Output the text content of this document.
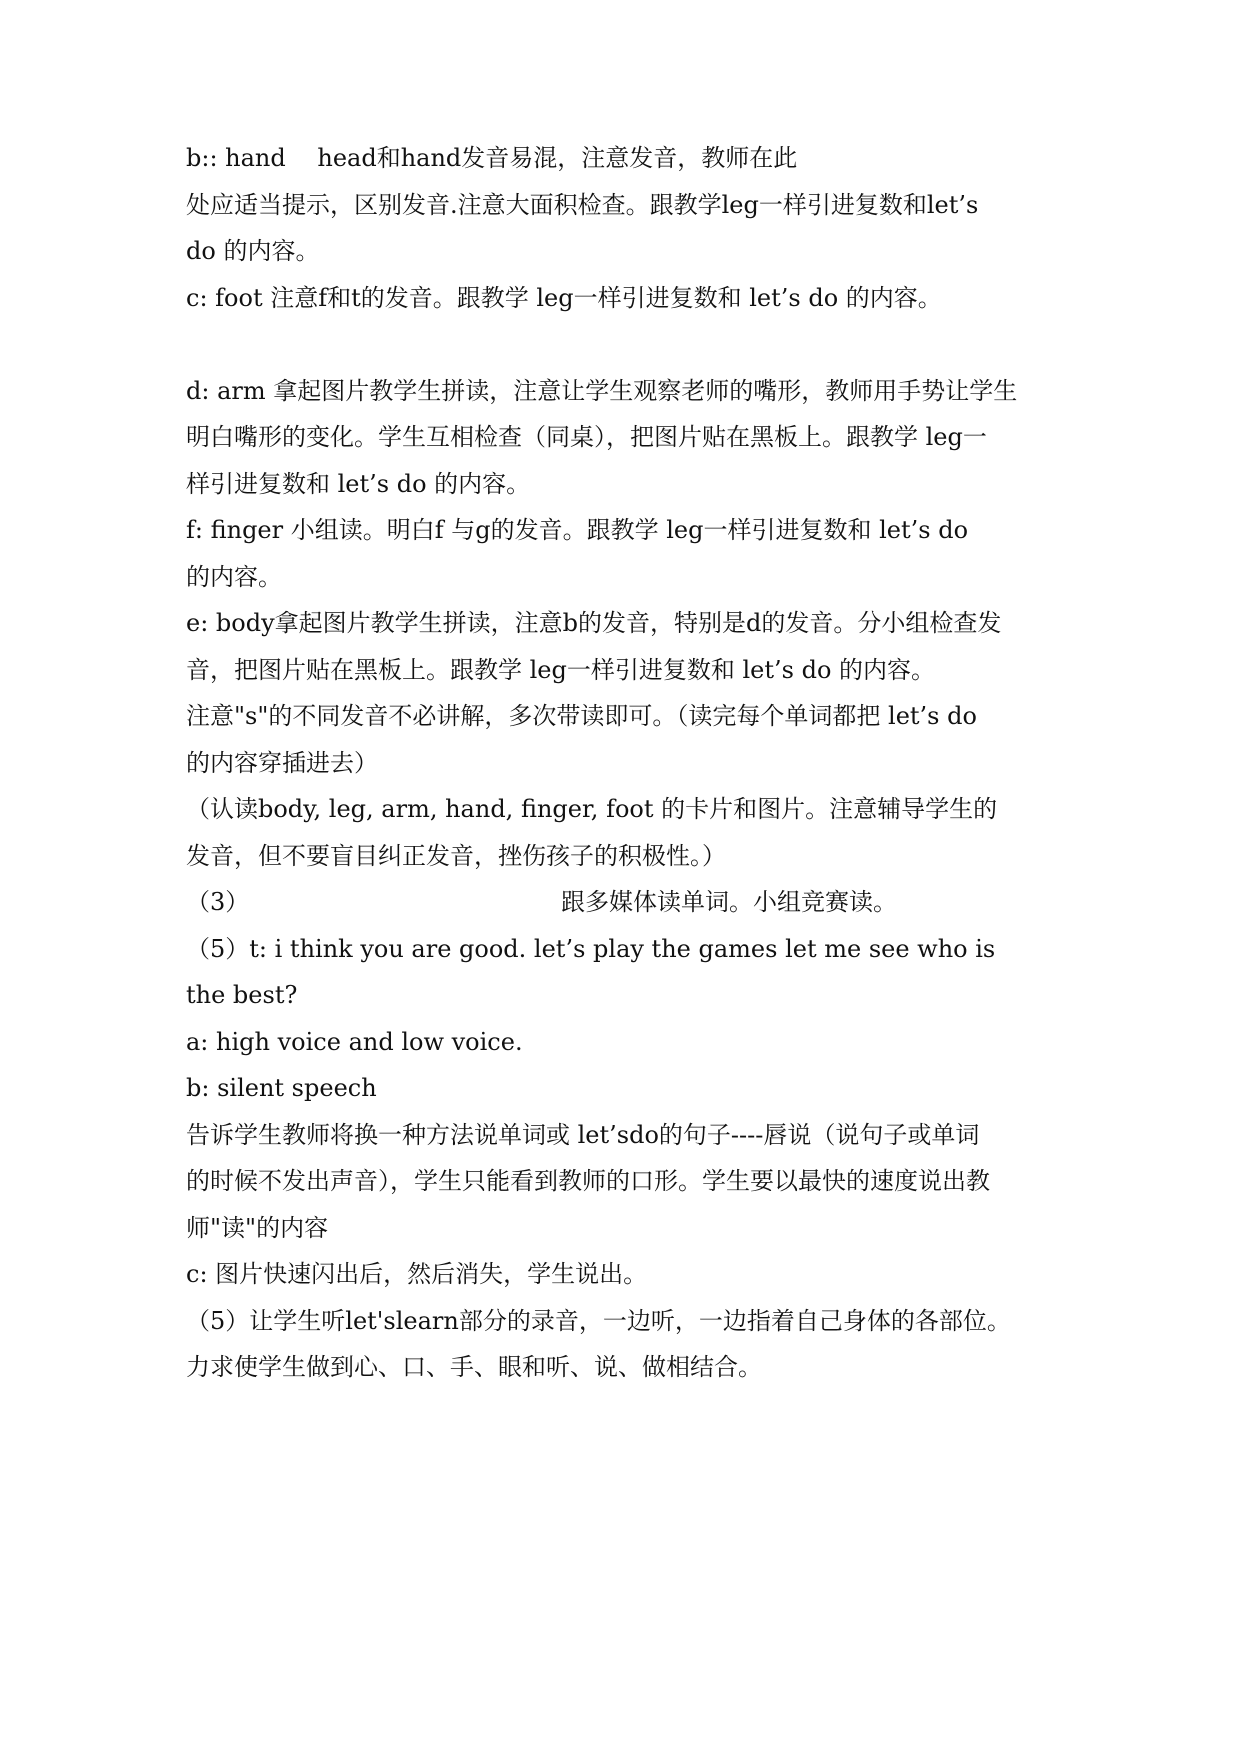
b:: hand　 head和hand发音易混，注意发音，教师在此
处应适当提示，区别发音.注意大面积检查。跟教学leg一样引进复数和let’s
do 的内容。
c: foot 注意f和t的发音。跟教学 leg一样引进复数和 let’s do 的内容。
d: arm 拿起图片教学生拼读，注意让学生观察老师的嘴形，教师用手势让学生
明白嘴形的变化。学生互相检查（同桌），把图片贴在黑板上。跟教学 leg一
样引进复数和 let’s do 的内容。
f: finger 小组读。明白f 与g的发音。跟教学 leg一样引进复数和 let’s do
的内容。
e: body拿起图片教学生拼读，注意b的发音，特别是d的发音。分小组检查发
音，把图片贴在黑板上。跟教学 leg一样引进复数和 let’s do 的内容。
注意"s"的不同发音不必讲解，多次带读即可。（读完每个单词都把 let’s do
的内容穿插进去）
（认读body, leg, arm, hand, finger, foot 的卡片和图片。注意辅导学生的
发音，但不要盲目纠正发音，挫伤孩子的积极性。）
（3）	跟多媒体读单词。小组竞赛读。
（5）t: i think you are good. let’s play the games let me see who is
the best?
a: high voice and low voice.
b: silent speech
告诉学生教师将换一种方法说单词或 let’sdo的句子----唇说（说句子或单词
的时候不发出声音），学生只能看到教师的口形。学生要以最快的速度说出教
师"读"的内容
c: 图片快速闪出后，然后消失，学生说出。
（5）让学生听let'slearn部分的录音，一边听，一边指着自己身体的各部位。
力求使学生做到心、口、手、眼和听、说、做相结合。
